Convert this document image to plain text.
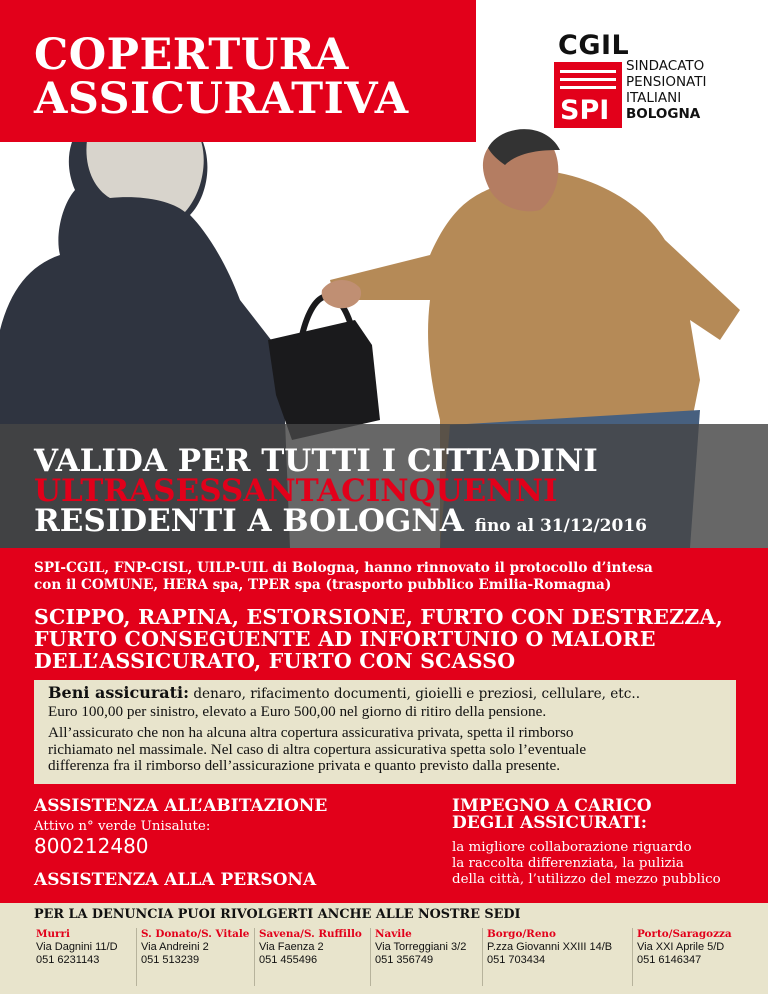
COPERTURA
ASSICURATIVA
CGIL
SPI
SINDACATO
PENSIONATI
ITALIANI
BOLOGNA
VALIDA PER TUTTI I CITTADINI
ULTRASESSANTACINQUENNI
RESIDENTI A BOLOGNA fino al 31/12/2016
SPI-CGIL, FNP-CISL, UILP-UIL di Bologna, hanno rinnovato il protocollo d’intesa
con il COMUNE, HERA spa, TPER spa (trasporto pubblico Emilia-Romagna)
SCIPPO, RAPINA, ESTORSIONE, FURTO CON DESTREZZA,
FURTO CONSEGUENTE AD INFORTUNIO O MALORE
DELL’ASSICURATO, FURTO CON SCASSO
Beni assicurati: denaro, rifacimento documenti, gioielli e preziosi, cellulare, etc..
Euro 100,00 per sinistro, elevato a Euro 500,00 nel giorno di ritiro della pensione.
All’assicurato che non ha alcuna altra copertura assicurativa privata, spetta il rimborso
richiamato nel massimale. Nel caso di altra copertura assicurativa spetta solo l’eventuale
differenza fra il rimborso dell’assicurazione privata e quanto previsto dalla presente.
ASSISTENZA ALL’ABITAZIONE
Attivo n° verde Unisalute:
800212480
ASSISTENZA ALLA PERSONA
IMPEGNO A CARICO
DEGLI ASSICURATI:
la migliore collaborazione riguardo
la raccolta differenziata, la pulizia
della città, l’utilizzo del mezzo pubblico
PER LA DENUNCIA PUOI RIVOLGERTI ANCHE ALLE NOSTRE SEDI
Murri
Via Dagnini 11/D
051 6231143
S. Donato/S. Vitale
Via Andreini 2
051 513239
Savena/S. Ruffillo
Via Faenza 2
051 455496
Navile
Via Torreggiani 3/2
051 356749
Borgo/Reno
P.zza Giovanni XXIII 14/B
051 703434
Porto/Saragozza
Via XXI Aprile 5/D
051 6146347
